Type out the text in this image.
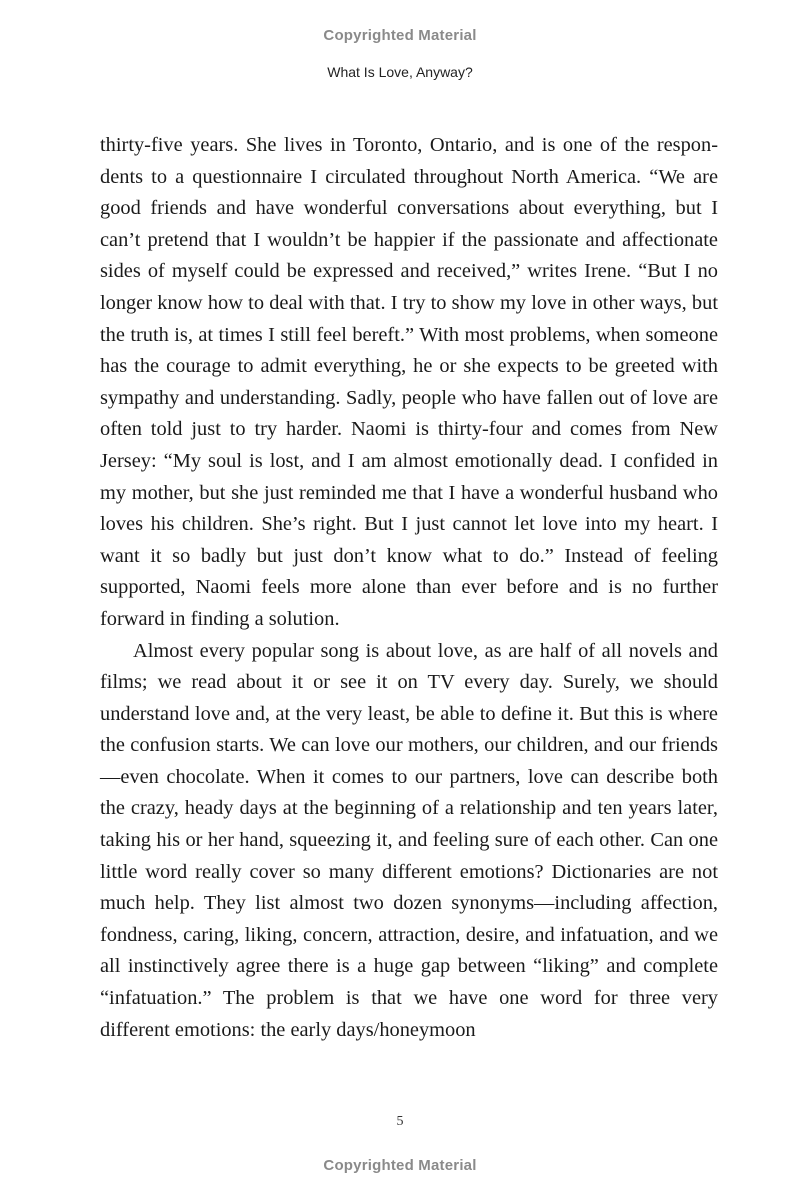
Copyrighted Material
What Is Love, Anyway?

thirty-five years. She lives in Toronto, Ontario, and is one of the respondents to a questionnaire I circulated throughout North America. “We are good friends and have wonderful conversations about everything, but I can’t pretend that I wouldn’t be happier if the passionate and affectionate sides of myself could be expressed and received,” writes Irene. “But I no longer know how to deal with that. I try to show my love in other ways, but the truth is, at times I still feel bereft.” With most problems, when someone has the courage to admit everything, he or she expects to be greeted with sympathy and understanding. Sadly, people who have fallen out of love are often told just to try harder. Naomi is thirty-four and comes from New Jersey: “My soul is lost, and I am almost emotionally dead. I confided in my mother, but she just reminded me that I have a wonderful husband who loves his children. She’s right. But I just cannot let love into my heart. I want it so badly but just don’t know what to do.” Instead of feeling supported, Naomi feels more alone than ever before and is no further forward in finding a solution.

Almost every popular song is about love, as are half of all novels and films; we read about it or see it on TV every day. Surely, we should understand love and, at the very least, be able to define it. But this is where the confusion starts. We can love our mothers, our children, and our friends—even chocolate. When it comes to our partners, love can describe both the crazy, heady days at the beginning of a relationship and ten years later, taking his or her hand, squeezing it, and feeling sure of each other. Can one little word really cover so many different emotions? Dictionaries are not much help. They list almost two dozen synonyms—including affection, fondness, caring, liking, concern, attraction, desire, and infatuation, and we all instinctively agree there is a huge gap between “liking” and complete “infatuation.” The problem is that we have one word for three very different emotions: the early days/honeymoon

5
Copyrighted Material
